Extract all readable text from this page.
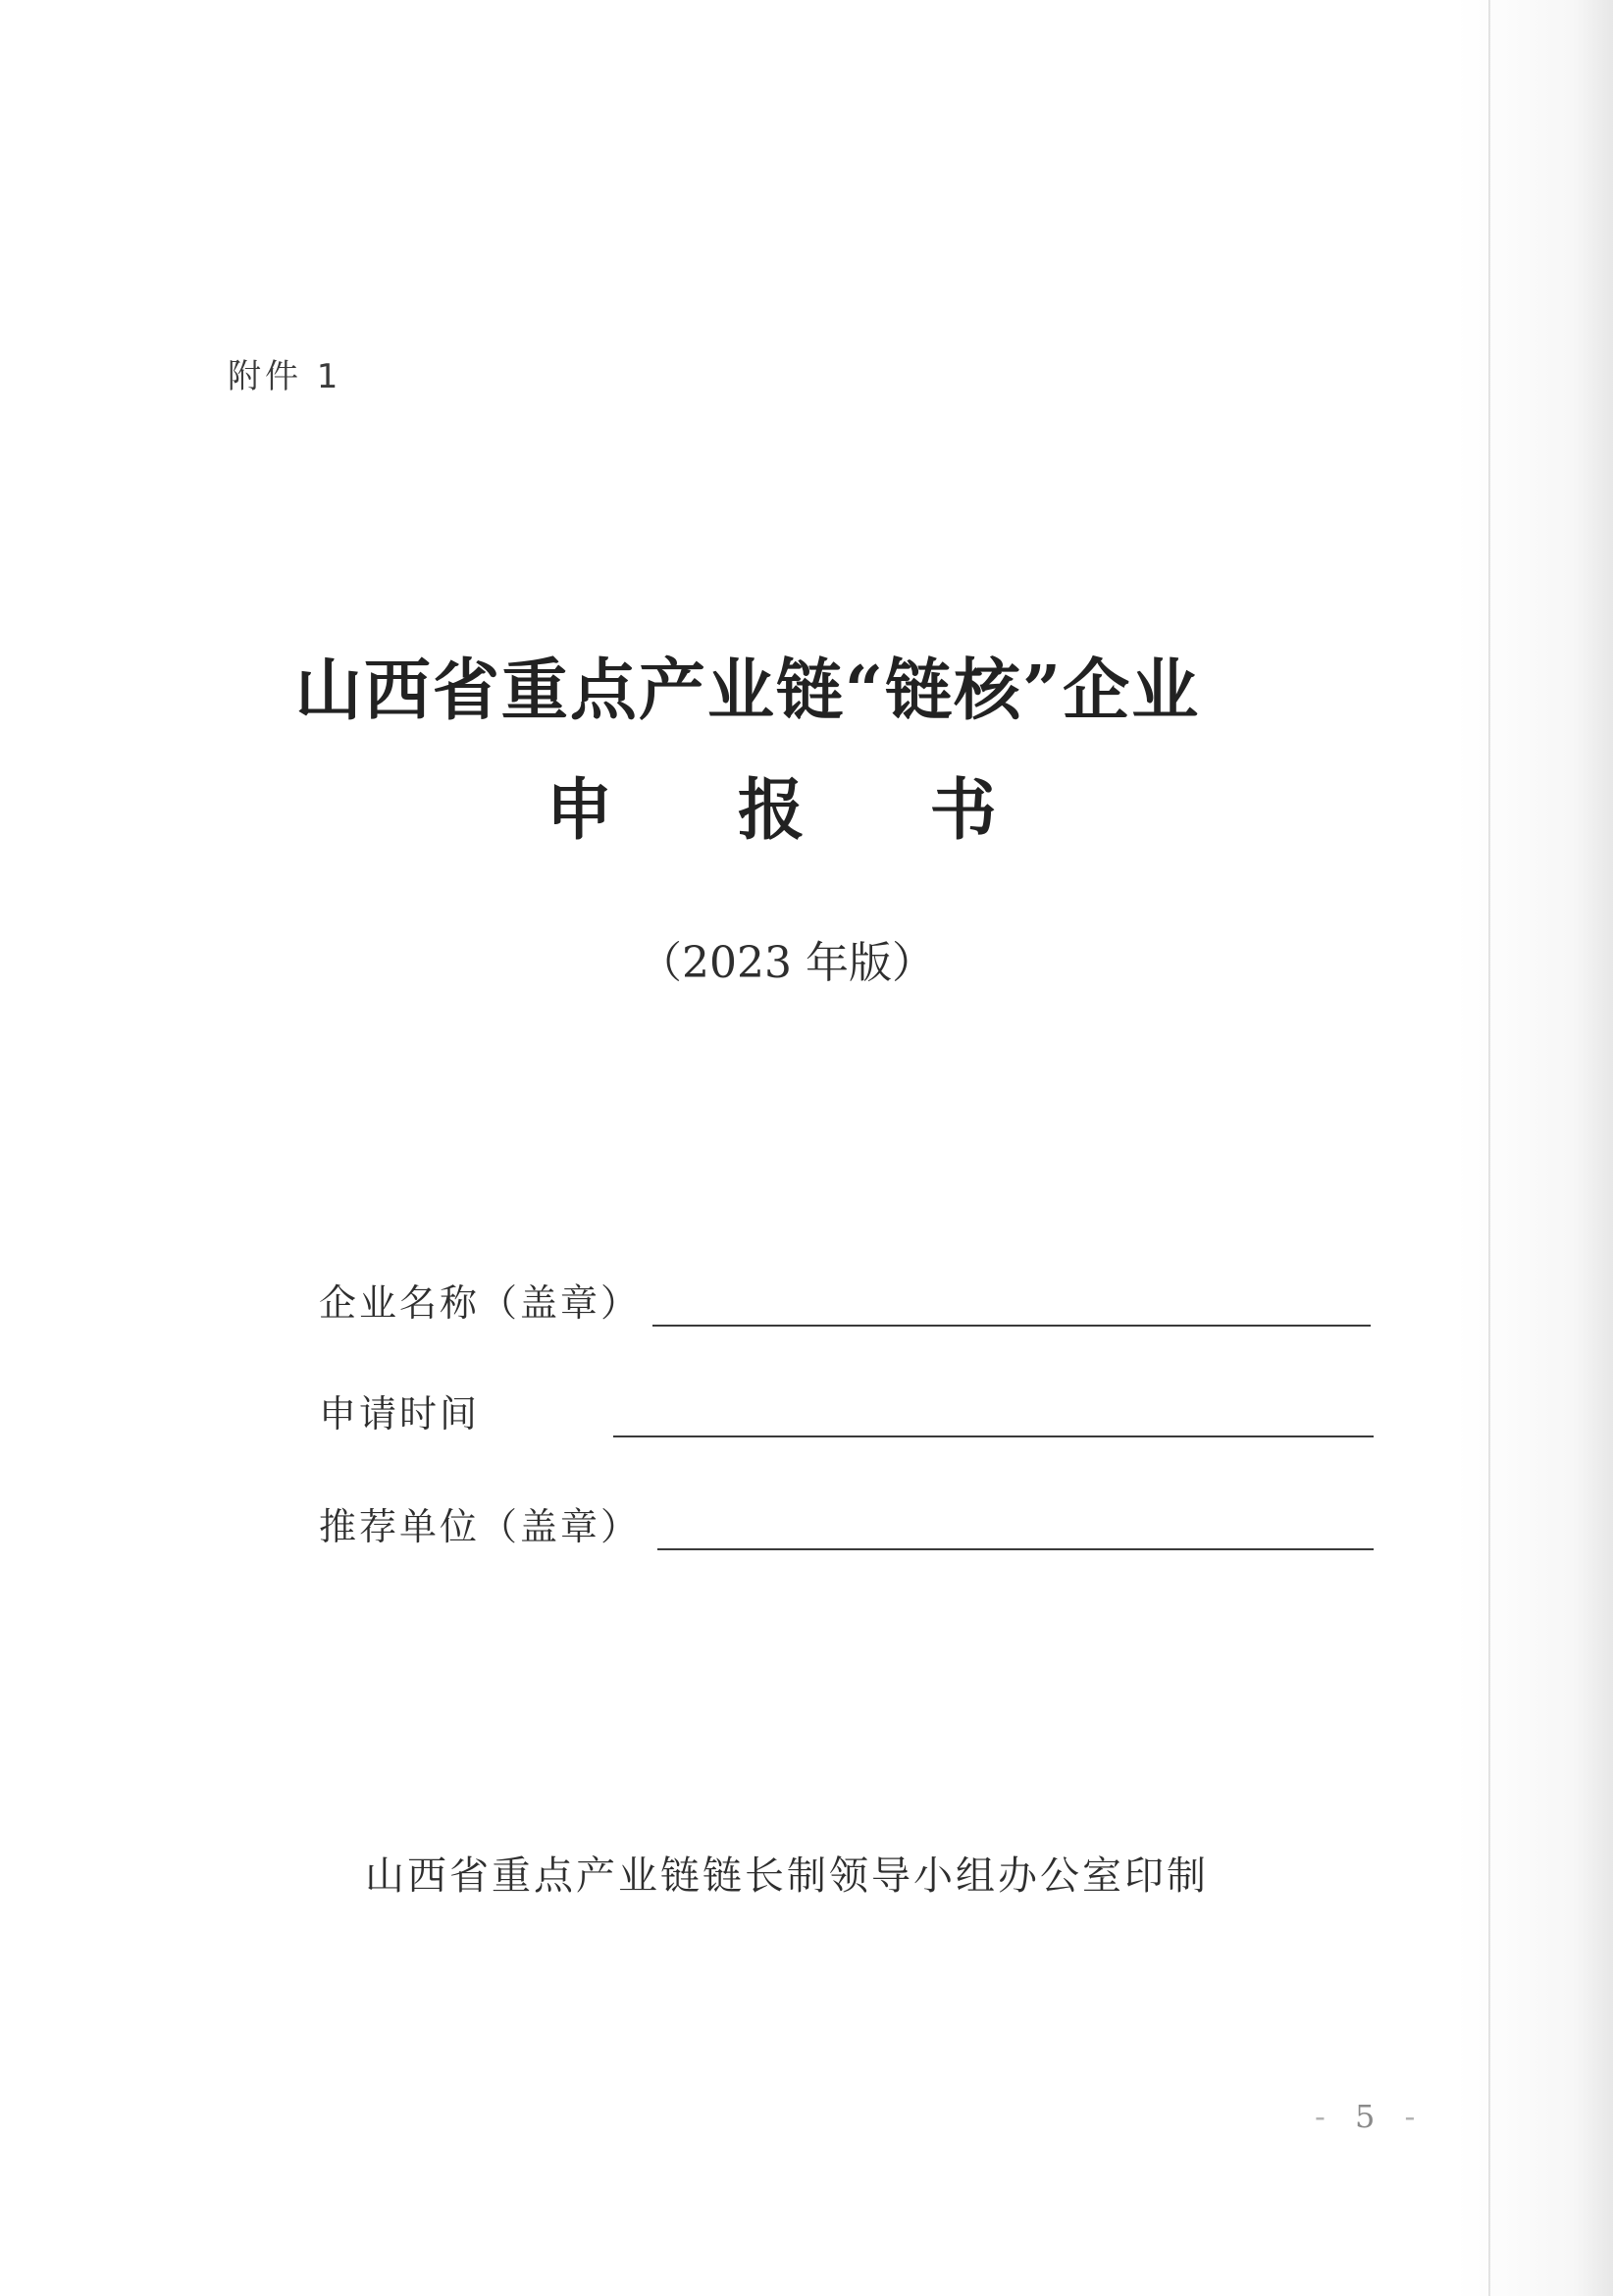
附件 1
山西省重点产业链“链核”企业
申 报 书
（2023 年版）
企业名称（盖章）
申请时间
推荐单位（盖章）
山西省重点产业链链长制领导小组办公室印制
- 5 -
